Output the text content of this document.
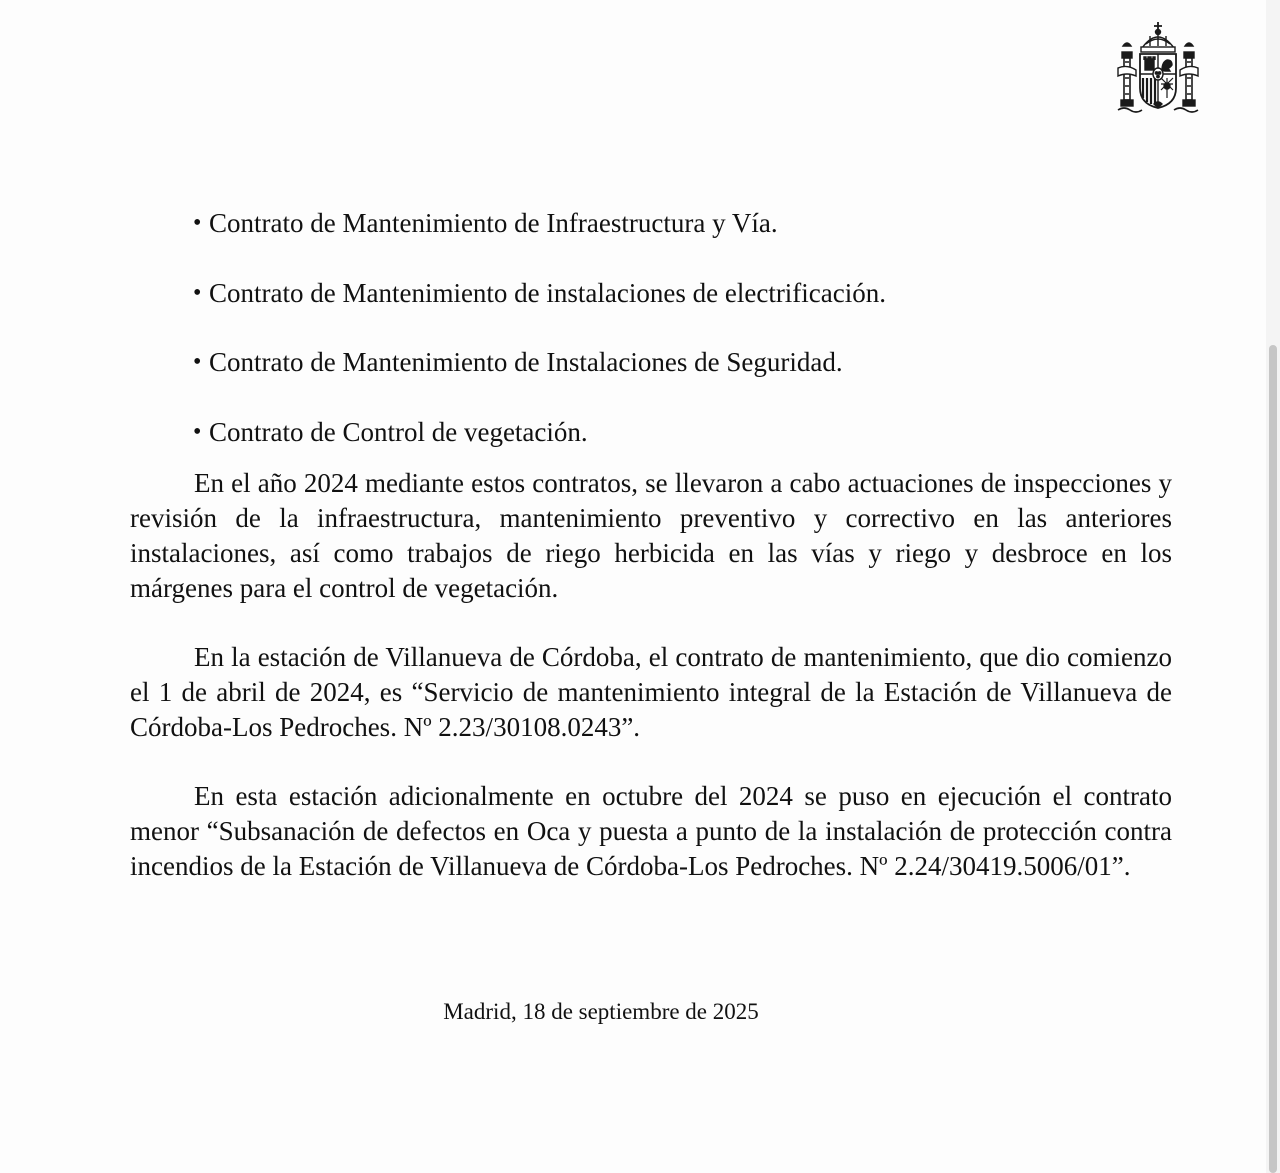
• Contrato de Mantenimiento de Infraestructura y Vía.
• Contrato de Mantenimiento de instalaciones de electrificación.
• Contrato de Mantenimiento de Instalaciones de Seguridad.
• Contrato de Control de vegetación.

En el año 2024 mediante estos contratos, se llevaron a cabo actuaciones de inspecciones y revisión de la infraestructura, mantenimiento preventivo y correctivo en las anteriores instalaciones, así como trabajos de riego herbicida en las vías y riego y desbroce en los márgenes para el control de vegetación.

En la estación de Villanueva de Córdoba, el contrato de mantenimiento, que dio comienzo el 1 de abril de 2024, es “Servicio de mantenimiento integral de la Estación de Villanueva de Córdoba-Los Pedroches. Nº 2.23/30108.0243”.

En esta estación adicionalmente en octubre del 2024 se puso en ejecución el contrato menor “Subsanación de defectos en Oca y puesta a punto de la instalación de protección contra incendios de la Estación de Villanueva de Córdoba-Los Pedroches. Nº 2.24/30419.5006/01”.

Madrid, 18 de septiembre de 2025
